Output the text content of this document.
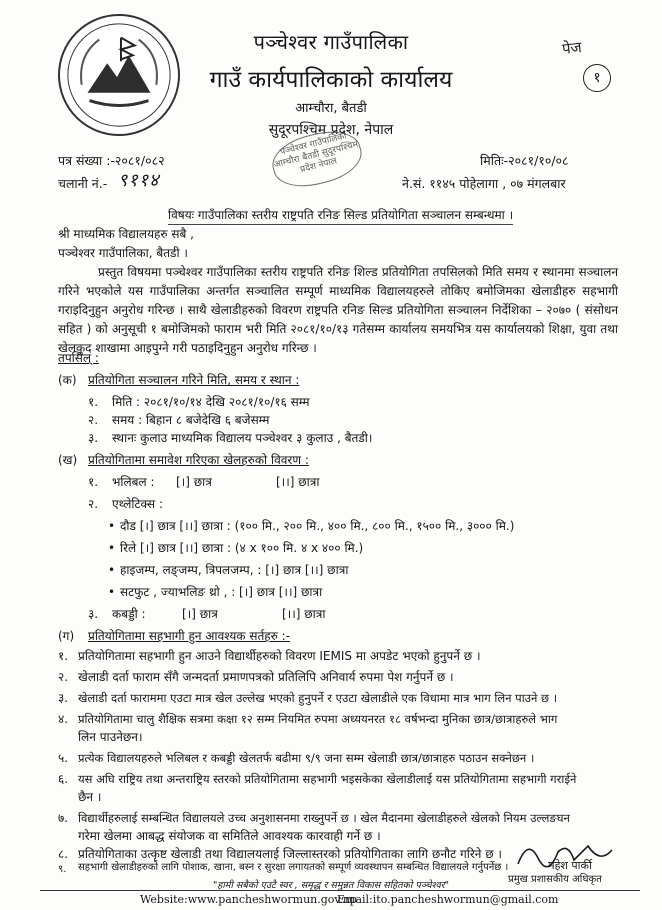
पञ्चेश्वर गाउँपालिका
गाउँ कार्यपालिकाको कार्यालय
आम्चौरा, बैतडी
सुदूरपश्चिम प्रदेश, नेपाल
पेज
१
पञ्चेश्वर गाउँपालिका आम्चौरा बैतडी सुदूरपश्चिम प्रदेश नेपाल
पत्र संख्या :-२०८१/०८२
चलानी नं.- ९११४
मितिः-२०८१/१०/०८
ने.सं. ११४५ पोहेलागा , ०७ मंगलबार
विषयः गाउँपालिका स्तरीय राष्ट्रपति रनिङ सिल्ड प्रतियोगिता सञ्चालन सम्बन्धमा ।
श्री माध्यमिक विद्यालयहरु सबै ,
पञ्चेश्वर गाउँपालिका, बैतडी ।
प्रस्तुत विषयमा पञ्चेश्वर गाउँपालिका स्तरीय राष्ट्रपति रनिङ शिल्ड प्रतियोगिता तपसिलको मिति समय र स्थानमा सञ्चालन गरिने भएकोले यस गाउँपालिका अन्तर्गत सञ्चालित सम्पूर्ण माध्यमिक विद्यालयहरुले तोकिए बमोजिमका खेलाडीहरु सहभागी गराइदिनुहुन अनुरोध गरिन्छ । साथै खेलाडीहरुको विवरण राष्ट्रपति रनिङ सिल्ड प्रतियोगिता सञ्चालन निर्देशिका – २०७० ( संसोधन सहित ) को अनुसूची १ बमोजिमको फाराम भरी मिति २०८१/१०/१३ गतेसम्म कार्यालय समयभित्र यस कार्यालयको शिक्षा, युवा तथा खेलकुद शाखामा आइपुग्ने गरी पठाइदिनुहुन अनुरोध गरिन्छ ।
तपसिल् :
(क) प्रतियोगिता सञ्चालन गरिने मिति, समय र स्थान :
१. मिति : २०८१/१०/१४ देखि २०८१/१०/१६ सम्म
२. समय : बिहान ८ बजेदेखि ६ बजेसम्म
३. स्थानः कुलाउ माध्यमिक विद्यालय पञ्चेश्वर ३ कुलाउ , बैतडी।
(ख) प्रतियोगितामा समावेश गरिएका खेलहरुको विवरण :
१. भलिबल : [।] छात्र	[।।] छात्रा
२. एथ्लेटिक्स :
• दौड [।] छात्र [।।] छात्रा : (१०० मि., २०० मि., ४०० मि., ८०० मि., १५०० मि., ३००० मि.)
• रिले [।] छात्र [।।] छात्रा : (४ x १०० मि. ४ x ४०० मि.)
• हाइजम्प, लङ्जम्प, त्रिपलजम्प, : [।] छात्र [।।] छात्रा
• सटफुट , ज्याभलिङ थ्रो , : [।] छात्र [।।] छात्रा
३. कबड्डी :	[।] छात्र	[।।] छात्रा
(ग) प्रतियोगितामा सहभागी हुन आवश्यक सर्तहरु :-
१. प्रतियोगितामा सहभागी हुन आउने विद्यार्थीहरुको विवरण IEMIS मा अपडेट भएको हुनुपर्ने छ ।
२. खेलाडी दर्ता फाराम सँगै जन्मदर्ता प्रमाणपत्रको प्रतिलिपि अनिवार्य रुपमा पेश गर्नुपर्ने छ ।
३. खेलाडी दर्ता फाराममा एउटा मात्र खेल उल्लेख भएको हुनुपर्ने र एउटा खेलाडीले एक विधामा मात्र भाग लिन पाउने छ ।
४. प्रतियोगितामा चालु शैक्षिक सत्रमा कक्षा १२ सम्म नियमित रुपमा अध्ययनरत १८ वर्षभन्दा मुनिका छात्र/छात्राहरुले भाग
लिन पाउनेछन।
५. प्रत्येक विद्यालयहरुले भलिबल र कबड्डी खेलतर्फ बढीमा ९/९ जना सम्म खेलाडी छात्र/छात्राहरु पठाउन सक्नेछन ।
६. यस अघि राष्ट्रिय तथा अन्तराष्ट्रिय स्तरको प्रतियोगितामा सहभागी भइसकेका खेलाडीलाई यस प्रतियोगितामा सहभागी गराईने
छैन ।
७. विद्यार्थीहरुलाई सम्बन्धित विद्यालयले उच्च अनुशासनमा राख्नुपर्ने छ । खेल मैदानमा खेलाडीहरुले खेलको नियम उल्लङघन
गरेमा खेलमा आबद्ध संयोजक वा समितिले आवश्यक कारवाही गर्ने छ ।
८. प्रतियोगिताका उत्कृष्ट खेलाडी तथा विद्यालयलाई जिल्लास्तरको प्रतियोगिताका लागि छनौट गरिने छ ।
९. सहभागी खेलाडीहरुको लागि पोशाक, खाना, बस्न र सुरक्षा लगायतको सम्पूर्ण व्यवस्थापन सम्बन्धित विद्यालयले गर्नुपर्नेछ ।	महेश पार्की
प्रमुख प्रशासकीय अधिकृत
"हामी सबैको एउटै स्वर , समृद्ध र समुन्नत विकास सहितको पञ्चेश्वर"
Website:www.pancheshwormun.gov.np
Email:ito.pancheshwormun@gmail.com
